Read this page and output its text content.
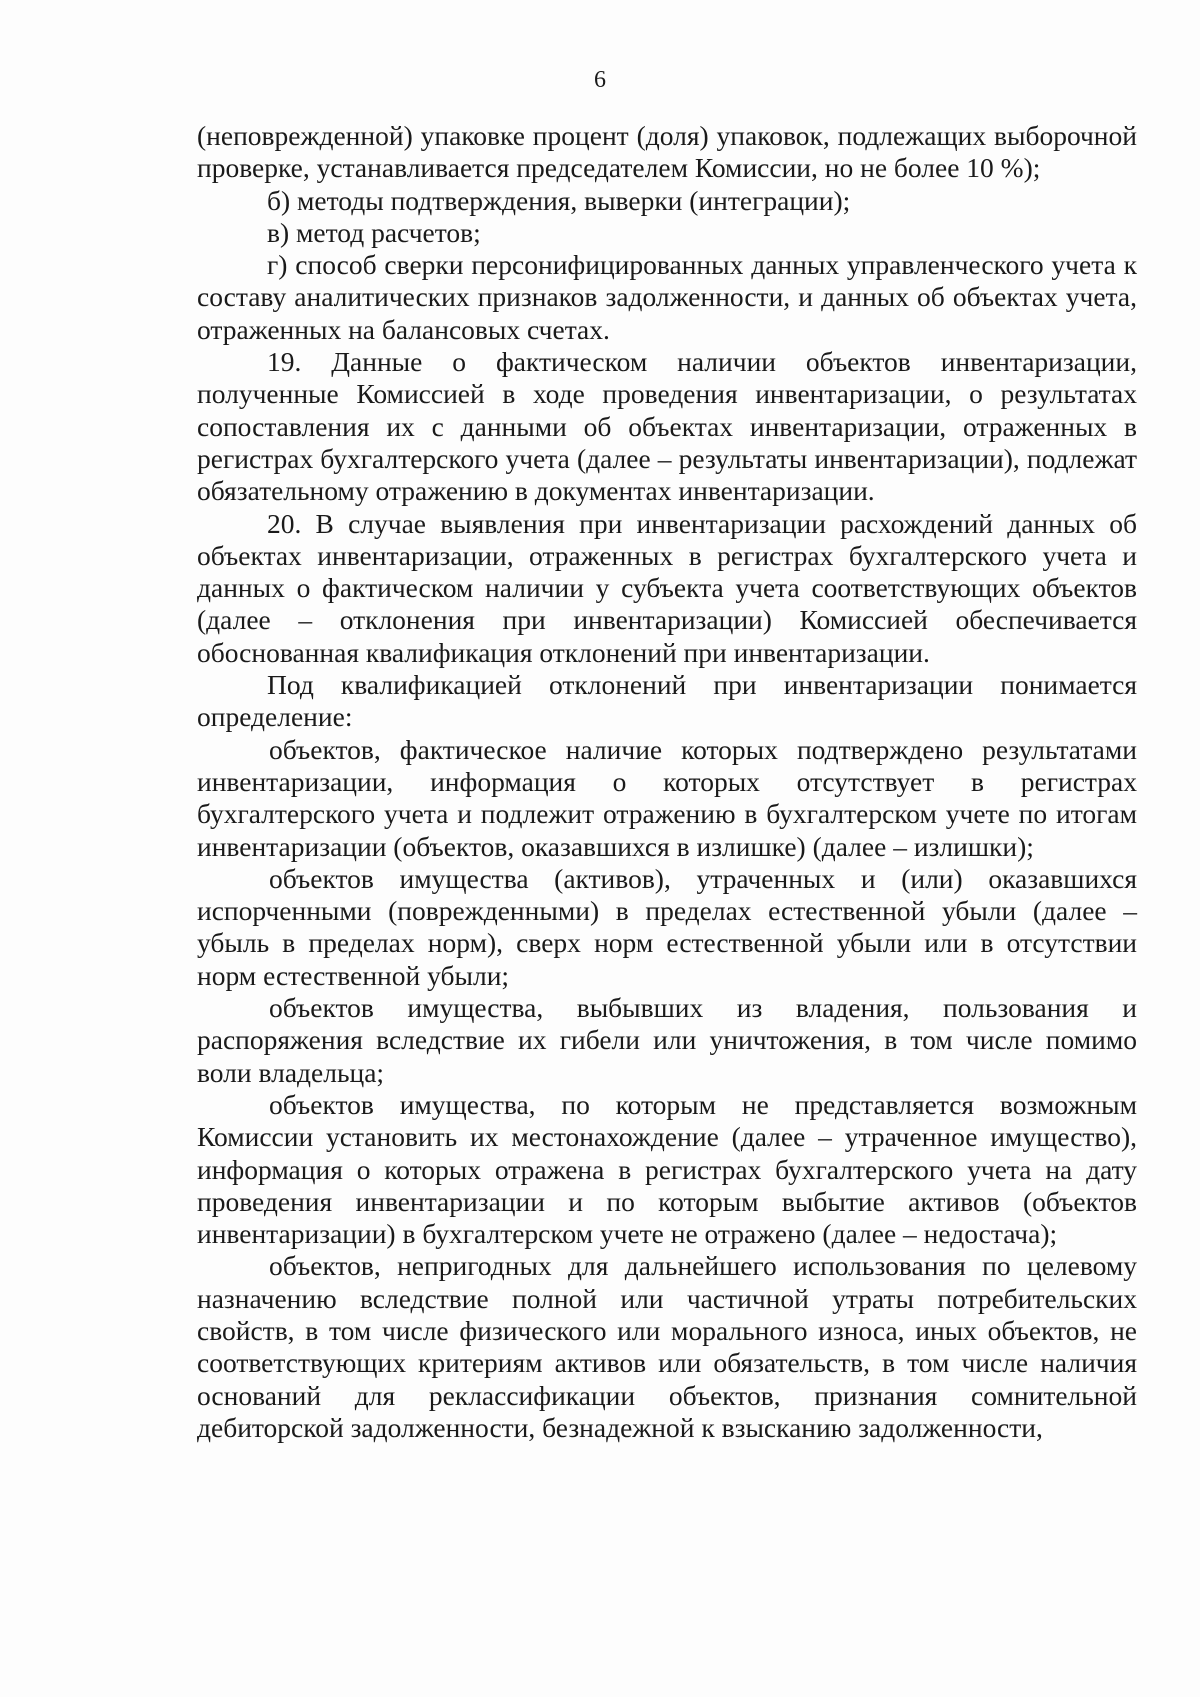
6

(неповрежденной) упаковке процент (доля) упаковок, подлежащих выборочной проверке, устанавливается председателем Комиссии, но не более 10 %);

б) методы подтверждения, выверки (интеграции);

в) метод расчетов;

г) способ сверки персонифицированных данных управленческого учета к составу аналитических признаков задолженности, и данных об объектах учета, отраженных на балансовых счетах.

19. Данные о фактическом наличии объектов инвентаризации, полученные Комиссией в ходе проведения инвентаризации, о результатах сопоставления их с данными об объектах инвентаризации, отраженных в регистрах бухгалтерского учета (далее – результаты инвентаризации), подлежат обязательному отражению в документах инвентаризации.

20. В случае выявления при инвентаризации расхождений данных об объектах инвентаризации, отраженных в регистрах бухгалтерского учета и данных о фактическом наличии у субъекта учета соответствующих объектов (далее – отклонения при инвентаризации) Комиссией обеспечивается обоснованная квалификация отклонений при инвентаризации.

Под квалификацией отклонений при инвентаризации понимается определение:

объектов, фактическое наличие которых подтверждено результатами инвентаризации, информация о которых отсутствует в регистрах бухгалтерского учета и подлежит отражению в бухгалтерском учете по итогам инвентаризации (объектов, оказавшихся в излишке) (далее – излишки);

объектов имущества (активов), утраченных и (или) оказавшихся испорченными (поврежденными) в пределах естественной убыли (далее – убыль в пределах норм), сверх норм естественной убыли или в отсутствии норм естественной убыли;

объектов имущества, выбывших из владения, пользования и распоряжения вследствие их гибели или уничтожения, в том числе помимо воли владельца;

объектов имущества, по которым не представляется возможным Комиссии установить их местонахождение (далее – утраченное имущество), информация о которых отражена в регистрах бухгалтерского учета на дату проведения инвентаризации и по которым выбытие активов (объектов инвентаризации) в бухгалтерском учете не отражено (далее – недостача);

объектов, непригодных для дальнейшего использования по целевому назначению вследствие полной или частичной утраты потребительских свойств, в том числе физического или морального износа, иных объектов, не соответствующих критериям активов или обязательств, в том числе наличия оснований для реклассификации объектов, признания сомнительной дебиторской задолженности, безнадежной к взысканию задолженности,
